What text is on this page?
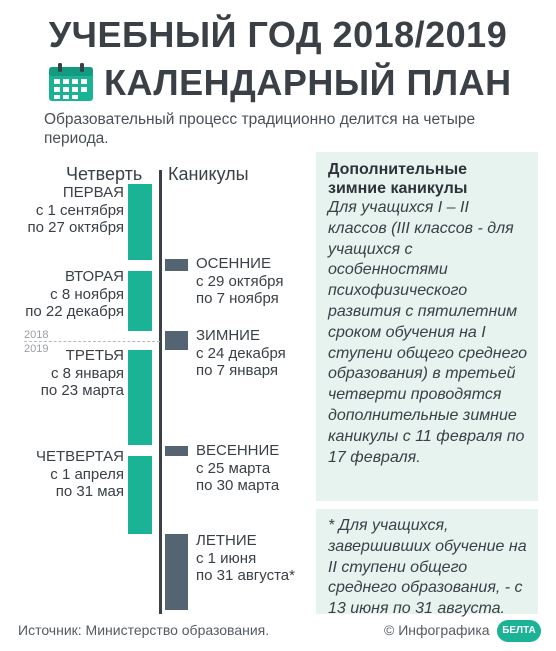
УЧЕБНЫЙ ГОД 2018/2019
КАЛЕНДАРНЫЙ ПЛАН
Образовательный процесс традиционно делится на четыре периода.
Четверть Каникулы
2018
2019
ПЕРВАЯ
с 1 сентября
по 27 октября
ВТОРАЯ
с 8 ноября
по 22 декабря
ТРЕТЬЯ
с 8 января
по 23 марта
ЧЕТВЕРТАЯ
с 1 апреля
по 31 мая
ОСЕННИЕ
с 29 октября
по 7 ноября
ЗИМНИЕ
с 24 декабря
по 7 января
ВЕСЕННИЕ
с 25 марта
по 30 марта
ЛЕТНИЕ
с 1 июня
по 31 августа*
Дополнительные зимние каникулы
Для учащихся I – II классов (III классов - для учащихся с особенностями психофизического развития с пятилетним сроком обучения на I ступени общего среднего образования) в третьей четверти проводятся дополнительные зимние каникулы с 11 февраля по 17 февраля.
* Для учащихся, завершивших обучение на II ступени общего среднего образования, - с 13 июня по 31 августа.
Источник: Министерство образования.	© Инфографика	БЕЛТА
